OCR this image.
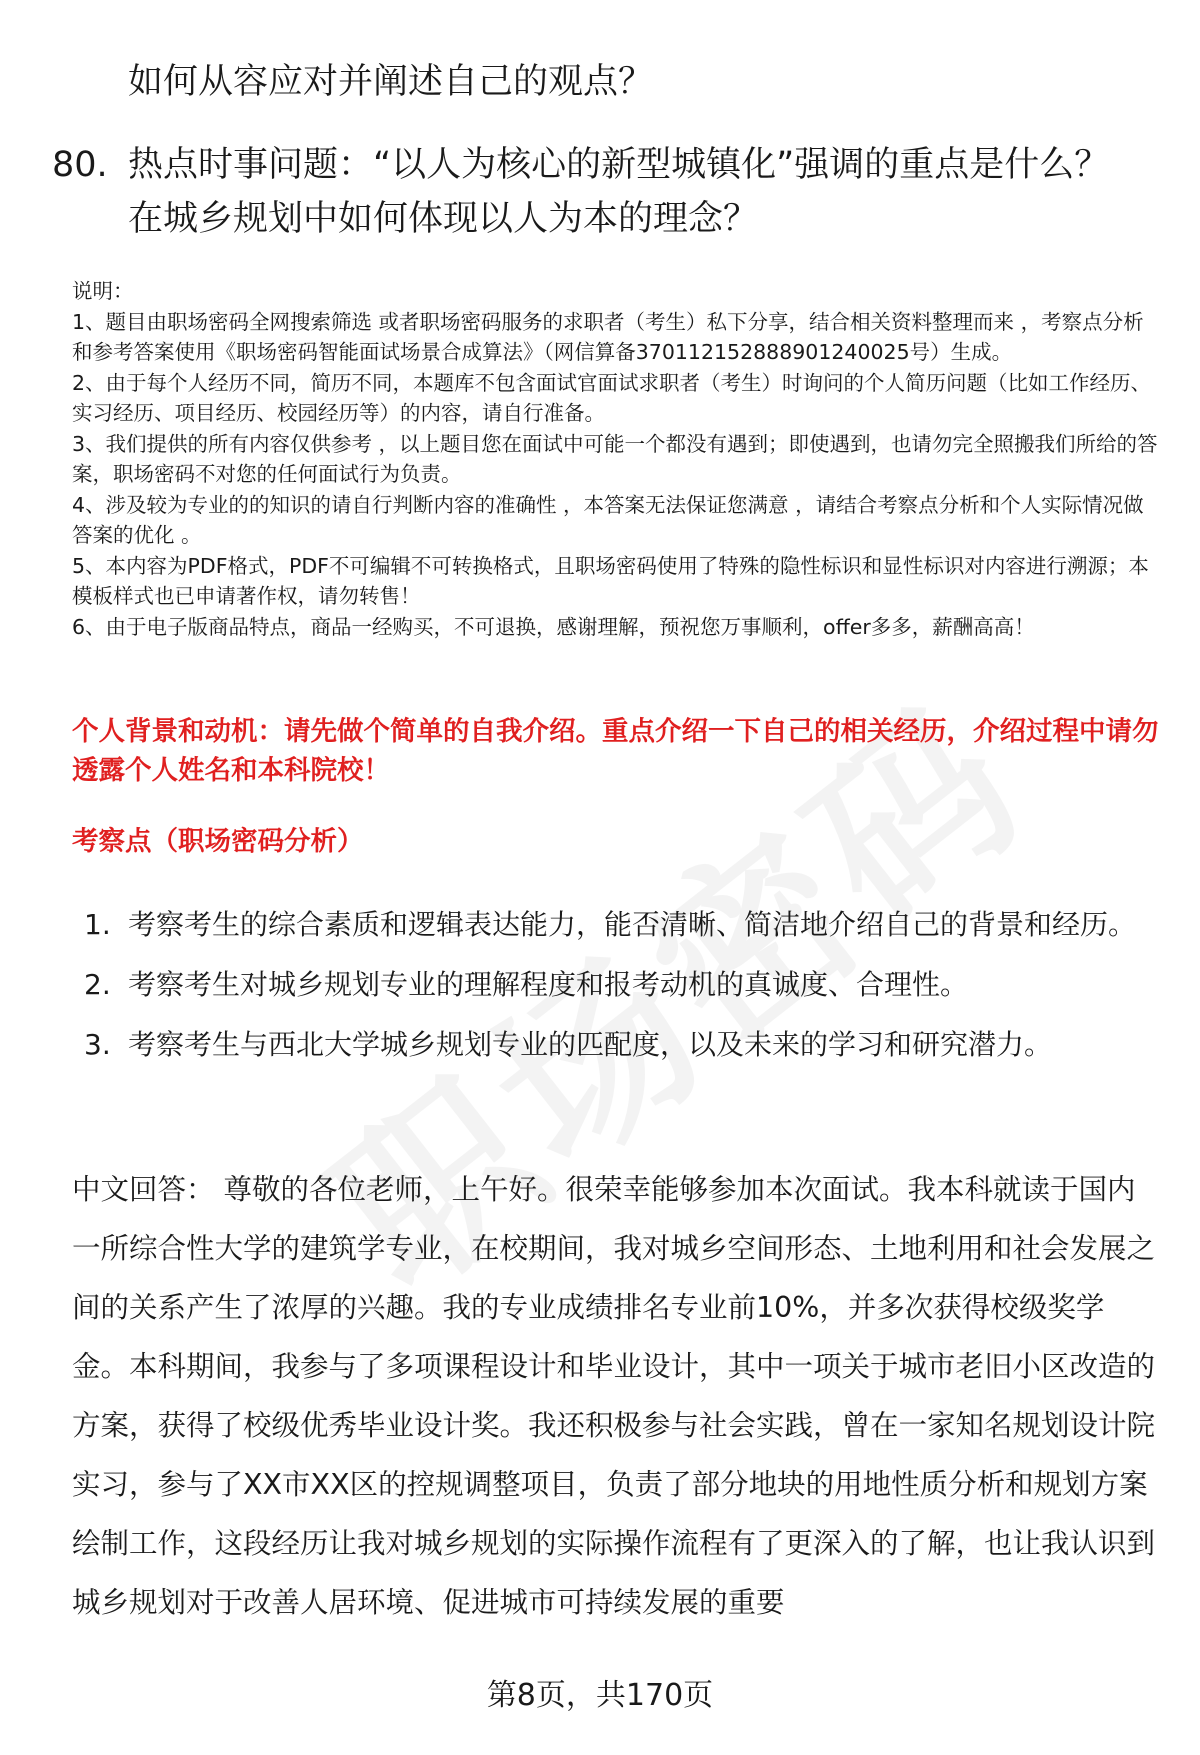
如何从容应对并阐述自己的观点？
80. 热点时事问题：“以人为核心的新型城镇化”强调的重点是什么？在城乡规划中如何体现以人为本的理念？

说明：

1、题目由职场密码全网搜索筛选 或者职场密码服务的求职者（考生）私下分享，结合相关资料整理而来 ，考察点分析和参考答案使用《职场密码智能面试场景合成算法》（网信算备370112152888901240025号）生成。

2、由于每个人经历不同，简历不同，本题库不包含面试官面试求职者（考生）时询问的个人简历问题（比如工作经历、实习经历、项目经历、校园经历等）的内容，请自行准备。

3、我们提供的所有内容仅供参考 ，以上题目您在面试中可能一个都没有遇到；即使遇到，也请勿完全照搬我们所给的答案，职场密码不对您的任何面试行为负责。

4、涉及较为专业的的知识的请自行判断内容的准确性 ，本答案无法保证您满意 ，请结合考察点分析和个人实际情况做答案的优化 。

5、本内容为PDF格式，PDF不可编辑不可转换格式，且职场密码使用了特殊的隐性标识和显性标识对内容进行溯源；本模板样式也已申请著作权，请勿转售！

6、由于电子版商品特点，商品一经购买，不可退换，感谢理解，预祝您万事顺利，offer多多，薪酬高高！

个人背景和动机：请先做个简单的自我介绍。重点介绍一下自己的相关经历，介绍过程中请勿透露个人姓名和本科院校！
考察点（职场密码分析）
1. 考察考生的综合素质和逻辑表达能力，能否清晰、简洁地介绍自己的背景和经历。
2. 考察考生对城乡规划专业的理解程度和报考动机的真诚度、合理性。
3. 考察考生与西北大学城乡规划专业的匹配度，以及未来的学习和研究潜力。

中文回答： 尊敬的各位老师，上午好。很荣幸能够参加本次面试。我本科就读于国内一所综合性大学的建筑学专业，在校期间，我对城乡空间形态、土地利用和社会发展之间的关系产生了浓厚的兴趣。我的专业成绩排名专业前10%，并多次获得校级奖学金。本科期间，我参与了多项课程设计和毕业设计，其中一项关于城市老旧小区改造的方案，获得了校级优秀毕业设计奖。我还积极参与社会实践，曾在一家知名规划设计院实习，参与了XX市XX区的控规调整项目，负责了部分地块的用地性质分析和规划方案绘制工作，这段经历让我对城乡规划的实际操作流程有了更深入的了解，也让我认识到城乡规划对于改善人居环境、促进城市可持续发展的重要

第8页，共170页
